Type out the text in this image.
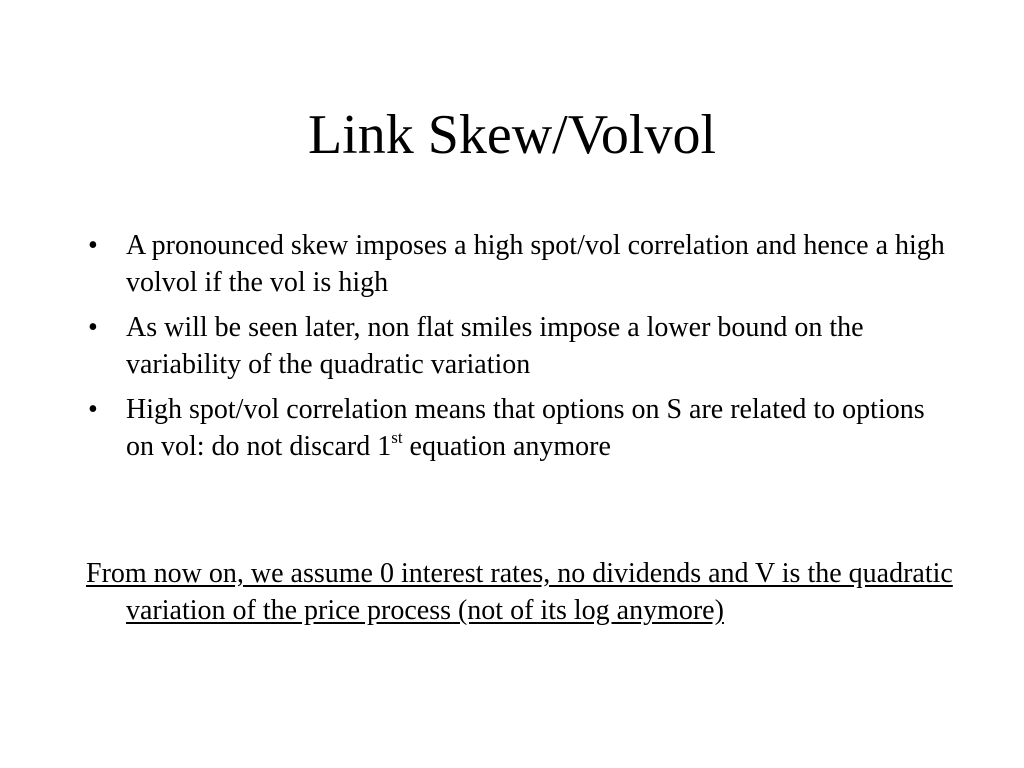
Link Skew/Volvol
• A pronounced skew imposes a high spot/vol correlation and hence a high volvol if the vol is high
• As will be seen later, non flat smiles impose a lower bound on the variability of the quadratic variation
• High spot/vol correlation means that options on S are related to options on vol: do not discard 1st equation anymore

From now on, we assume 0 interest rates, no dividends and V is the quadratic variation of the price process (not of its log anymore)
